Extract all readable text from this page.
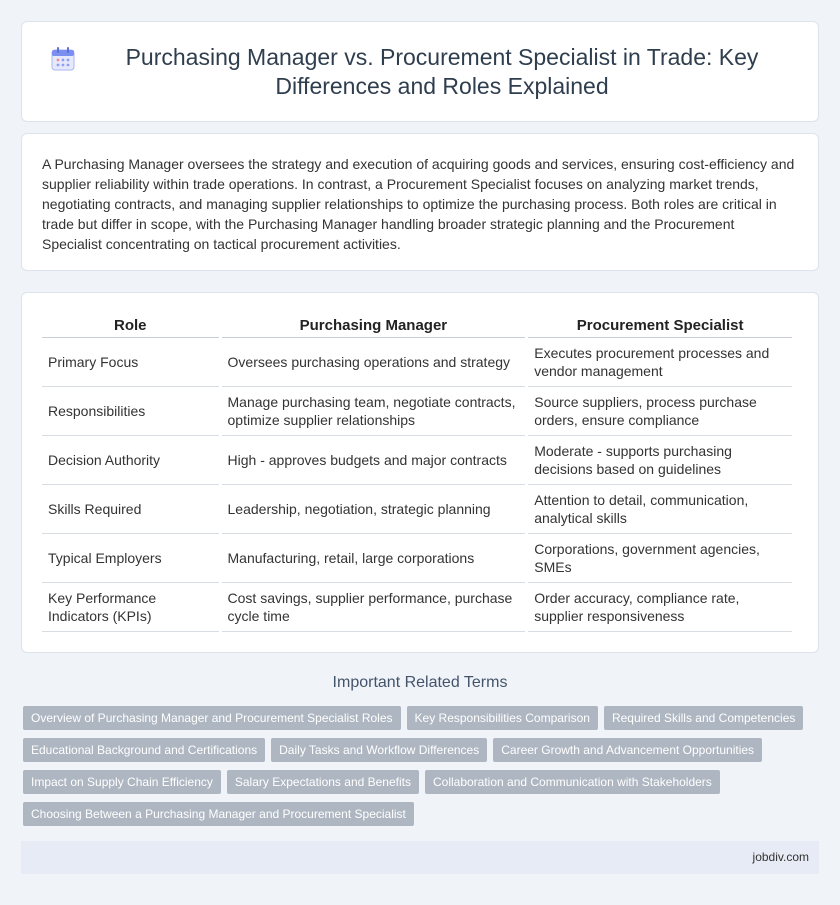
Purchasing Manager vs. Procurement Specialist in Trade: Key Differences and Roles Explained

A Purchasing Manager oversees the strategy and execution of acquiring goods and services, ensuring cost-efficiency and supplier reliability within trade operations. In contrast, a Procurement Specialist focuses on analyzing market trends, negotiating contracts, and managing supplier relationships to optimize the purchasing process. Both roles are critical in trade but differ in scope, with the Purchasing Manager handling broader strategic planning and the Procurement Specialist concentrating on tactical procurement activities.

Role	Purchasing Manager	Procurement Specialist
Primary Focus	Oversees purchasing operations and strategy	Executes procurement processes and vendor management
Responsibilities	Manage purchasing team, negotiate contracts, optimize supplier relationships	Source suppliers, process purchase orders, ensure compliance
Decision Authority	High - approves budgets and major contracts	Moderate - supports purchasing decisions based on guidelines
Skills Required	Leadership, negotiation, strategic planning	Attention to detail, communication, analytical skills
Typical Employers	Manufacturing, retail, large corporations	Corporations, government agencies, SMEs
Key Performance Indicators (KPIs)	Cost savings, supplier performance, purchase cycle time	Order accuracy, compliance rate, supplier responsiveness
Important Related Terms
Overview of Purchasing Manager and Procurement Specialist Roles	Key Responsibilities Comparison	Required Skills and Competencies
Educational Background and Certifications	Daily Tasks and Workflow Differences	Career Growth and Advancement Opportunities
Impact on Supply Chain Efficiency	Salary Expectations and Benefits	Collaboration and Communication with Stakeholders
Choosing Between a Purchasing Manager and Procurement Specialist
jobdiv.com
